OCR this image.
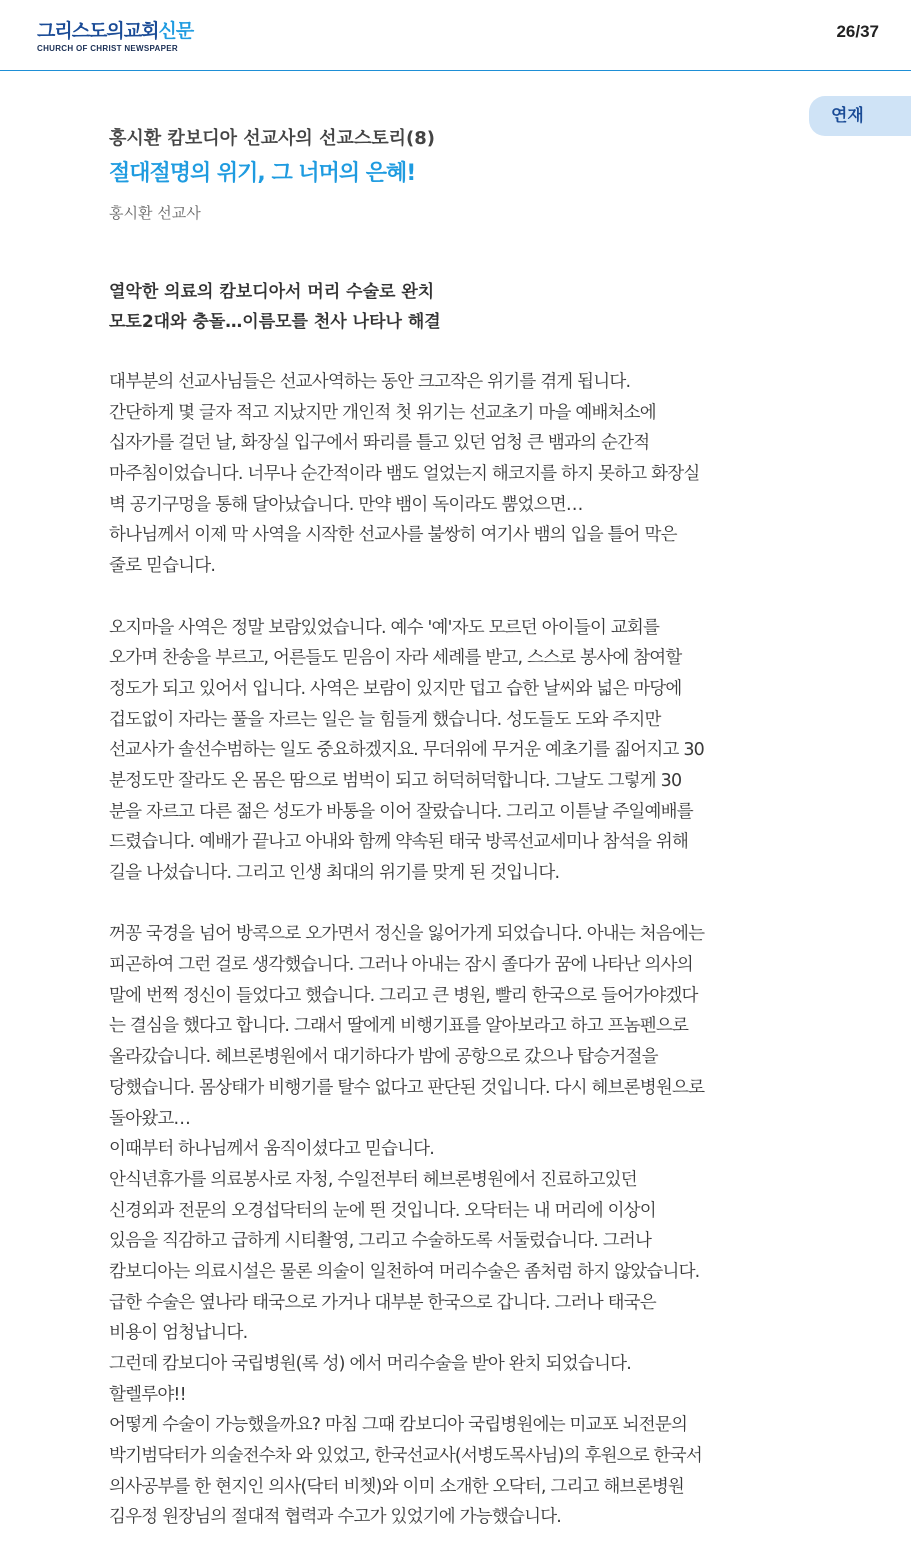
그리스도의교회신문
CHURCH OF CHRIST NEWSPAPER
26/37
연재
홍시환 캄보디아 선교사의 선교스토리(8)
절대절명의 위기, 그 너머의 은혜!
홍시환 선교사
열악한 의료의 캄보디아서 머리 수술로 완치
모토2대와 충돌…이름모를 천사 나타나 해결
대부분의 선교사님들은 선교사역하는 동안 크고작은 위기를 겪게 됩니다.
간단하게 몇 글자 적고 지났지만 개인적 첫 위기는 선교초기 마을 예배처소에
십자가를 걸던 날, 화장실 입구에서 똬리를 틀고 있던 엄청 큰 뱀과의 순간적
마주침이었습니다. 너무나 순간적이라 뱀도 얼었는지 해코지를 하지 못하고 화장실
벽 공기구멍을 통해 달아났습니다. 만약 뱀이 독이라도 뿜었으면…
하나님께서 이제 막 사역을 시작한 선교사를 불쌍히 여기사 뱀의 입을 틀어 막은
줄로 믿습니다.
오지마을 사역은 정말 보람있었습니다. 예수 '예'자도 모르던 아이들이 교회를
오가며 찬송을 부르고, 어른들도 믿음이 자라 세례를 받고, 스스로 봉사에 참여할
정도가 되고 있어서 입니다. 사역은 보람이 있지만 덥고 습한 날씨와 넓은 마당에
겁도없이 자라는 풀을 자르는 일은 늘 힘들게 했습니다. 성도들도 도와 주지만
선교사가 솔선수범하는 일도 중요하겠지요. 무더위에 무거운 예초기를 짊어지고 30
분정도만 잘라도 온 몸은 땀으로 범벅이 되고 허덕허덕합니다. 그날도 그렇게 30
분을 자르고 다른 젊은 성도가 바통을 이어 잘랐습니다. 그리고 이튿날 주일예배를
드렸습니다. 예배가 끝나고 아내와 함께 약속된 태국 방콕선교세미나 참석을 위해
길을 나섰습니다. 그리고 인생 최대의 위기를 맞게 된 것입니다.
꺼꽁 국경을 넘어 방콕으로 오가면서 정신을 잃어가게 되었습니다. 아내는 처음에는
피곤하여 그런 걸로 생각했습니다. 그러나 아내는 잠시 졸다가 꿈에 나타난 의사의
말에 번쩍 정신이 들었다고 했습니다. 그리고 큰 병원, 빨리 한국으로 들어가야겠다
는 결심을 했다고 합니다. 그래서 딸에게 비행기표를 알아보라고 하고 프놈펜으로
올라갔습니다. 헤브론병원에서 대기하다가 밤에 공항으로 갔으나 탑승거절을
당했습니다. 몸상태가 비행기를 탈수 없다고 판단된 것입니다. 다시 헤브론병원으로
돌아왔고…
이때부터 하나님께서 움직이셨다고 믿습니다.
안식년휴가를 의료봉사로 자청, 수일전부터 헤브론병원에서 진료하고있던
신경외과 전문의 오경섭닥터의 눈에 띈 것입니다. 오닥터는 내 머리에 이상이
있음을 직감하고 급하게 시티촬영, 그리고 수술하도록 서둘렀습니다. 그러나
캄보디아는 의료시설은 물론 의술이 일천하여 머리수술은 좀처럼 하지 않았습니다.
급한 수술은 옆나라 태국으로 가거나 대부분 한국으로 갑니다. 그러나 태국은
비용이 엄청납니다.
그런데 캄보디아 국립병원(록 성) 에서 머리수술을 받아 완치 되었습니다.
할렐루야!!
어떻게 수술이 가능했을까요? 마침 그때 캄보디아 국립병원에는 미교포 뇌전문의
박기범닥터가 의술전수차 와 있었고, 한국선교사(서병도목사님)의 후원으로 한국서
의사공부를 한 현지인 의사(닥터 비쳇)와 이미 소개한 오닥터, 그리고 해브론병원
김우정 원장님의 절대적 협력과 수고가 있었기에 가능했습니다.
